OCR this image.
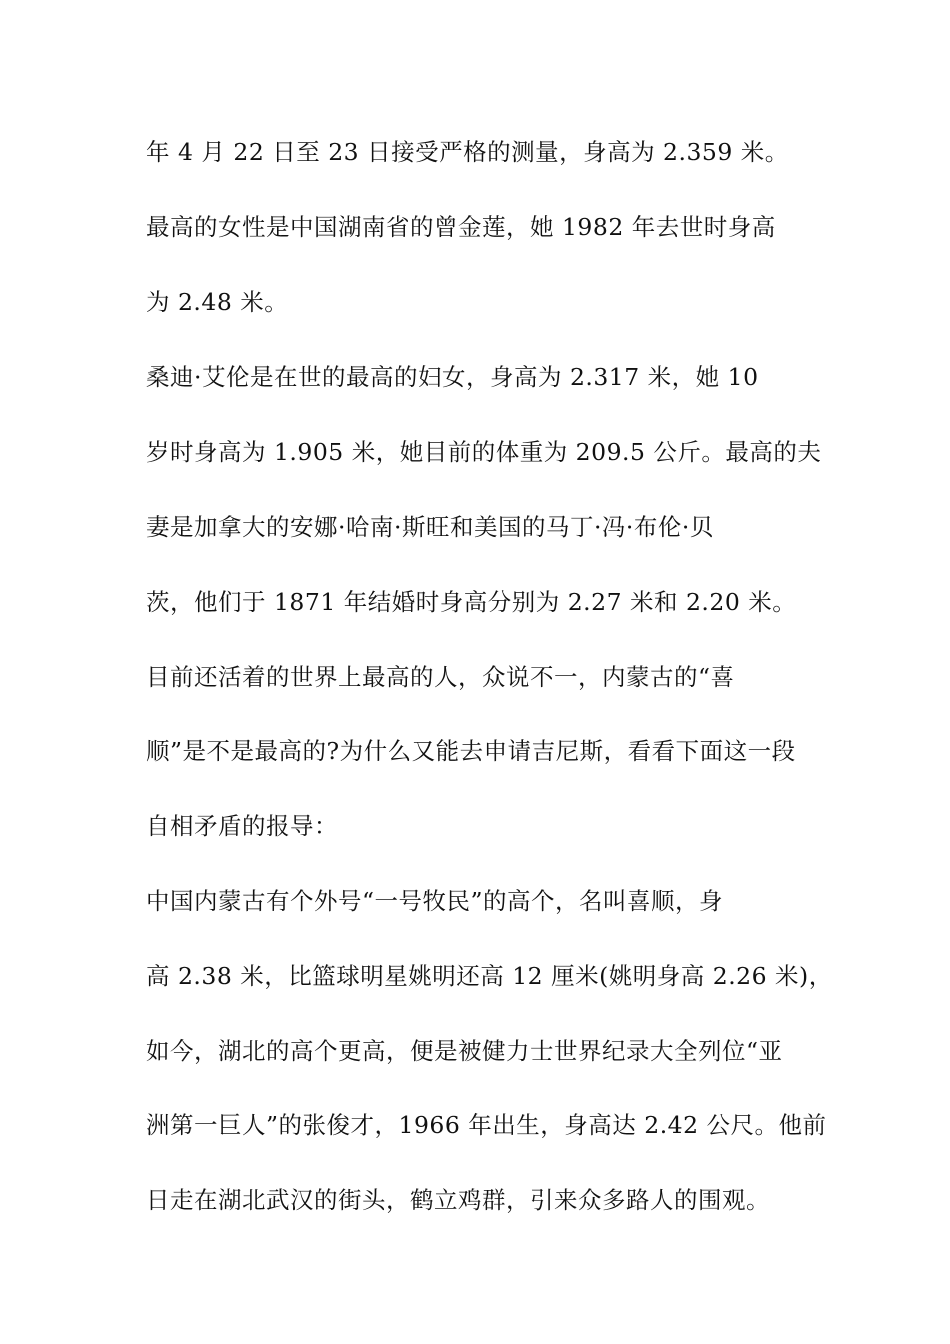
年 4 月 22 日至 23 日接受严格的测量，身高为 2.359 米。
最高的女性是中国湖南省的曾金莲，她 1982 年去世时身高
为 2.48 米。
桑迪·艾伦是在世的最高的妇女，身高为 2.317 米，她 10
岁时身高为 1.905 米，她目前的体重为 209.5 公斤。最高的夫
妻是加拿大的安娜·哈南·斯旺和美国的马丁·冯·布伦·贝
茨，他们于 1871 年结婚时身高分别为 2.27 米和 2.20 米。
目前还活着的世界上最高的人，众说不一，内蒙古的“喜
顺”是不是最高的?为什么又能去申请吉尼斯，看看下面这一段
自相矛盾的报导：
中国内蒙古有个外号“一号牧民”的高个，名叫喜顺，身
高 2.38 米，比篮球明星姚明还高 12 厘米(姚明身高 2.26 米)，
如今，湖北的高个更高，便是被健力士世界纪录大全列位“亚
洲第一巨人”的张俊才，1966 年出生，身高达 2.42 公尺。他前
日走在湖北武汉的街头，鹤立鸡群，引来众多路人的围观。
